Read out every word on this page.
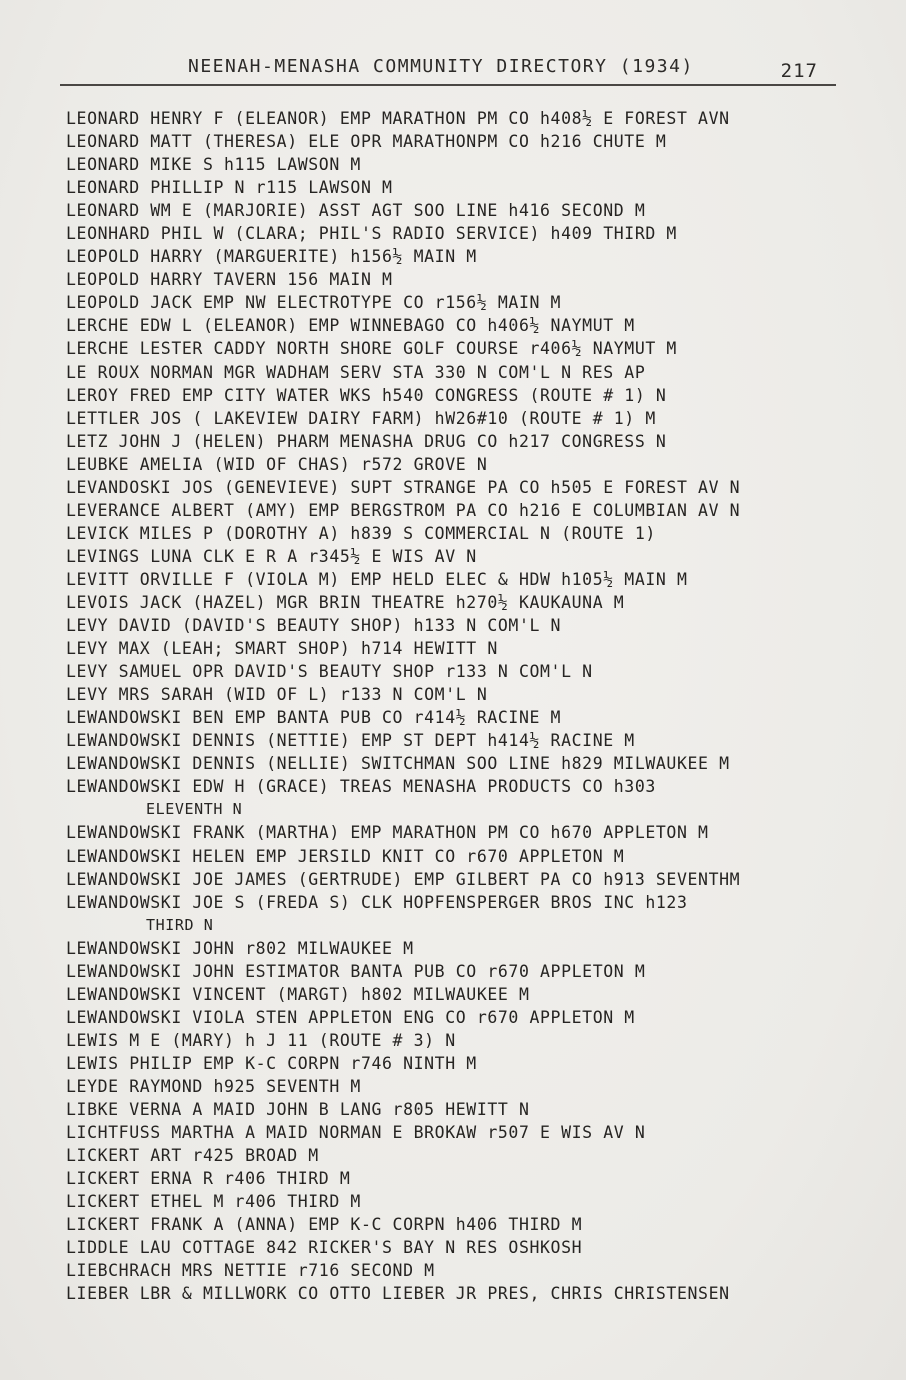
NEENAH-MENASHA COMMUNITY DIRECTORY (1934)	217
LEONARD HENRY F (ELEANOR) EMP MARATHON PM CO h408½ E FOREST AVN
LEONARD MATT (THERESA) ELE OPR MARATHONPM CO h216 CHUTE M
LEONARD MIKE S h115 LAWSON M
LEONARD PHILLIP N r115 LAWSON M
LEONARD WM E (MARJORIE) ASST AGT SOO LINE h416 SECOND M
LEONHARD PHIL W (CLARA; PHIL'S RADIO SERVICE) h409 THIRD M
LEOPOLD HARRY (MARGUERITE) h156½ MAIN M
LEOPOLD HARRY TAVERN 156 MAIN M
LEOPOLD JACK EMP NW ELECTROTYPE CO r156½ MAIN M
LERCHE EDW L (ELEANOR) EMP WINNEBAGO CO h406½ NAYMUT M
LERCHE LESTER CADDY NORTH SHORE GOLF COURSE r406½ NAYMUT M
LE ROUX NORMAN MGR WADHAM SERV STA 330 N COM'L N RES AP
LEROY FRED EMP CITY WATER WKS h540 CONGRESS (ROUTE # 1) N
LETTLER JOS ( LAKEVIEW DAIRY FARM) hW26#10 (ROUTE # 1) M
LETZ JOHN J (HELEN) PHARM MENASHA DRUG CO h217 CONGRESS N
LEUBKE AMELIA (WID OF CHAS) r572 GROVE N
LEVANDOSKI JOS (GENEVIEVE) SUPT STRANGE PA CO h505 E FOREST AV N
LEVERANCE ALBERT (AMY) EMP BERGSTROM PA CO h216 E COLUMBIAN AV N
LEVICK MILES P (DOROTHY A) h839 S COMMERCIAL N (ROUTE 1)
LEVINGS LUNA CLK E R A r345½ E WIS AV N
LEVITT ORVILLE F (VIOLA M) EMP HELD ELEC & HDW h105½ MAIN M
LEVOIS JACK (HAZEL) MGR BRIN THEATRE h270½ KAUKAUNA M
LEVY DAVID (DAVID'S BEAUTY SHOP) h133 N COM'L N
LEVY MAX (LEAH; SMART SHOP) h714 HEWITT N
LEVY SAMUEL OPR DAVID'S BEAUTY SHOP r133 N COM'L N
LEVY MRS SARAH (WID OF L) r133 N COM'L N
LEWANDOWSKI BEN EMP BANTA PUB CO r414½ RACINE M
LEWANDOWSKI DENNIS (NETTIE) EMP ST DEPT h414½ RACINE M
LEWANDOWSKI DENNIS (NELLIE) SWITCHMAN SOO LINE h829 MILWAUKEE M
LEWANDOWSKI EDW H (GRACE) TREAS MENASHA PRODUCTS CO h303
ELEVENTH N
LEWANDOWSKI FRANK (MARTHA) EMP MARATHON PM CO h670 APPLETON M
LEWANDOWSKI HELEN EMP JERSILD KNIT CO r670 APPLETON M
LEWANDOWSKI JOE JAMES (GERTRUDE) EMP GILBERT PA CO h913 SEVENTHM
LEWANDOWSKI JOE S (FREDA S) CLK HOPFENSPERGER BROS INC h123
THIRD N
LEWANDOWSKI JOHN r802 MILWAUKEE M
LEWANDOWSKI JOHN ESTIMATOR BANTA PUB CO r670 APPLETON M
LEWANDOWSKI VINCENT (MARGT) h802 MILWAUKEE M
LEWANDOWSKI VIOLA STEN APPLETON ENG CO r670 APPLETON M
LEWIS M E (MARY) h J 11 (ROUTE # 3) N
LEWIS PHILIP EMP K-C CORPN r746 NINTH M
LEYDE RAYMOND h925 SEVENTH M
LIBKE VERNA A MAID JOHN B LANG r805 HEWITT N
LICHTFUSS MARTHA A MAID NORMAN E BROKAW r507 E WIS AV N
LICKERT ART r425 BROAD M
LICKERT ERNA R r406 THIRD M
LICKERT ETHEL M r406 THIRD M
LICKERT FRANK A (ANNA) EMP K-C CORPN h406 THIRD M
LIDDLE LAU COTTAGE 842 RICKER'S BAY N RES OSHKOSH
LIEBCHRACH MRS NETTIE r716 SECOND M
LIEBER LBR & MILLWORK CO OTTO LIEBER JR PRES, CHRIS CHRISTENSEN
